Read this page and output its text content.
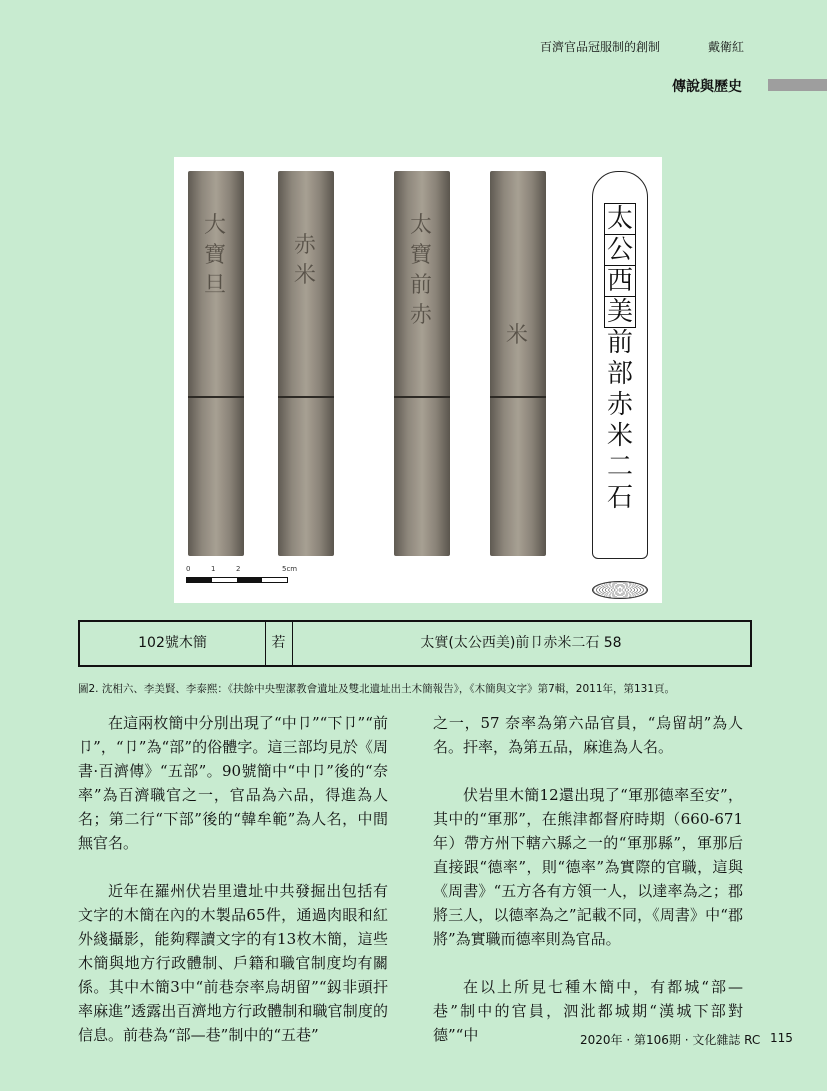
百濟官品冠服制的創制	戴衛紅
傳說與歷史
大
寶
旦
赤
米
太
寶
前
赤
米
太
公
西
美
前
部
赤
米
二
石
0	1	2	5cm
102號木簡	若	太實(太公西美)前卩赤米二石 58
圖2. 沈相六、李美賢、李泰熙：《扶餘中央聖潔教會遺址及雙北遺址出土木簡報告》，《木簡與文字》第7輯，2011年，第131頁。

在這兩枚簡中分別出現了“中卩”“下卩”“前卩”，“卩”為“部”的俗體字。這三部均見於《周書·百濟傳》“五部”。90號簡中“中卩”後的“奈率”為百濟職官之一，官品為六品，得進為人名；第二行“下部”後的“韓牟範”為人名，中間無官名。

近年在羅州伏岩里遺址中共發掘出包括有文字的木簡在內的木製品65件，通過肉眼和紅外綫攝影，能夠釋讀文字的有13枚木簡，這些木簡與地方行政體制、戶籍和職官制度均有關係。其中木簡3中“前巷奈率烏胡留”“釼非頭扞率麻進”透露出百濟地方行政體制和職官制度的信息。前巷為“部—巷”制中的“五巷”

之一，57 奈率為第六品官員，“烏留胡”為人名。扞率，為第五品，麻進為人名。

伏岩里木簡12還出現了“軍那德率至安”，其中的“軍那”，在熊津都督府時期（660-671年）帶方州下轄六縣之一的“軍那縣”，軍那后直接跟“德率”，則“德率”為實際的官職，這與《周書》“五方各有方領一人，以達率為之；郡將三人，以德率為之”記載不同，《周書》中“郡將”為實職而德率則為官品。

在以上所見七種木簡中，有都城“部—巷”制中的官員，泗沘都城期“漢城下部對德”“中	2020年 · 第106期 · 文化雜誌 RC 115
